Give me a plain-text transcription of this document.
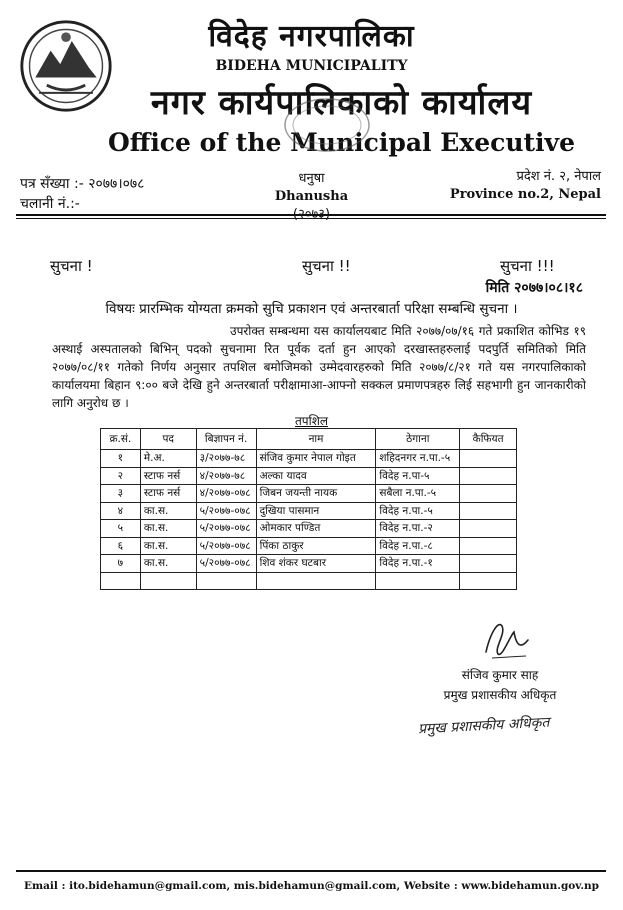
विदेह नगरपालिका
BIDEHA MUNICIPALITY
नगर कार्यपालिकाको कार्यालय
Office of the Municipal Executive
पत्र सँख्या :- २०७७।०७८
चलानी नं.:-
धनुषा
Dhanusha
(२०७३)
प्रदेश नं. २, नेपाल
Province no.2, Nepal
सुचना !	सुचना !!	सुचना !!!
मिति २०७७।०८।१८
विषयः प्रारम्भिक योग्यता क्रमको सुचि प्रकाशन एवं अन्तरबार्ता परिक्षा सम्बन्धि सुचना ।
उपरोक्त सम्बन्धमा यस कार्यालयबाट मिति २०७७/०७/१६ गते प्रकाशित कोभिड १९ अस्थाई अस्पतालको बिभिन् पदको सुचनामा रित पूर्वक दर्ता हुन आएको दरखास्तहरुलाई पदपुर्ति समितिको मिति २०७७/०८/११ गतेको निर्णय अनुसार तपशिल बमोजिमको उम्मेदवारहरुको मिति २०७७/८/२१ गते यस नगरपालिकाको कार्यालयमा बिहान ९:०० बजे देखि हुने अन्तरबार्ता परीक्षामाआ-आफ्नो सक्कल प्रमाणपत्रहरु लिई सहभागी हुन जानकारीको लागि अनुरोध छ ।
तपशिल
क्र.सं.	पद	बिज्ञापन नं.	नाम	ठेगाना	कैफियत
१	मे.अ.	३/२०७७-७८	संजिव कुमार नेपाल गोइत	शहिदनगर न.पा.-५	
२	स्टाफ नर्स	४/२०७७-७८	अल्का यादव	विदेह न.पा-५	
३	स्टाफ नर्स	४/२०७७-०७८	जिबन जयन्ती नायक	सबैला न.पा.-५	
४	का.स.	५/२०७७-०७८	दुखिया पासमान	विदेह न.पा.-५	
५	का.स.	५/२०७७-०७८	ओमकार पण्डित	विदेह न.पा.-२	
६	का.स.	५/२०७७-०७८	पिंका ठाकुर	विदेह न.पा.-८	
७	का.स.	५/२०७७-०७८	शिव शंकर घटबार	विदेह न.पा.-१	

संजिव कुमार साह
प्रमुख प्रशासकीय अधिकृत
प्रमुख प्रशासकीय अधिकृत
Email : ito.bidehamun@gmail.com, mis.bidehamun@gmail.com, Website : www.bidehamun.gov.np
